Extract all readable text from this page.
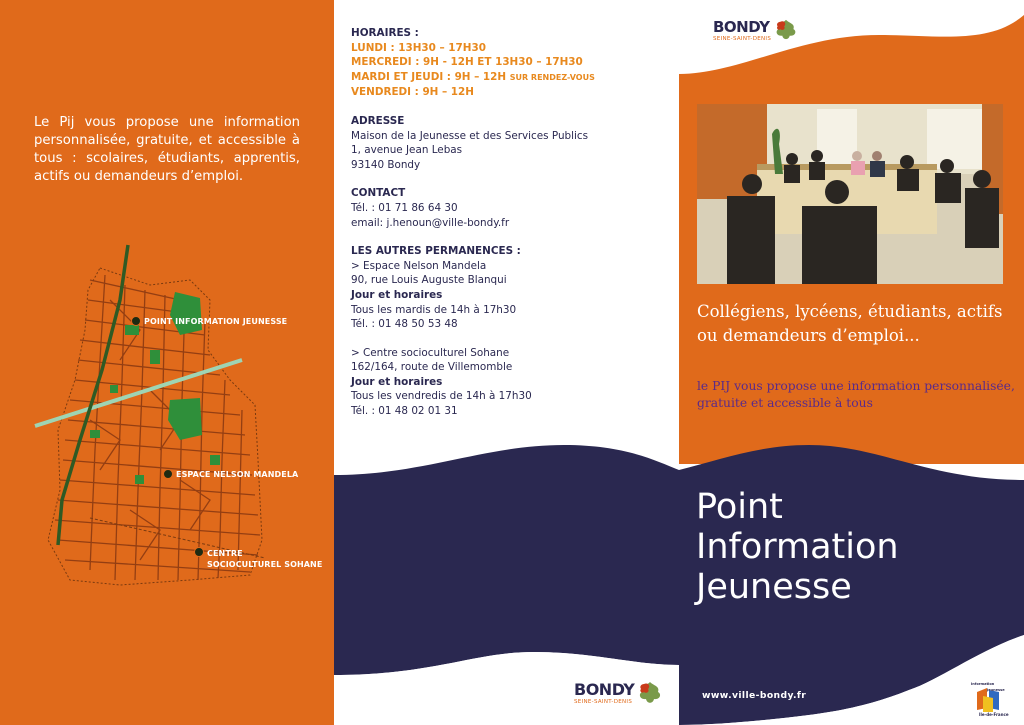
Le Pij vous propose une information personnalisée, gratuite, et accessible à tous : scolaires, étudiants, apprentis, actifs ou demandeurs d’emploi.

POINT INFORMATION JEUNESSE
ESPACE NELSON MANDELA
CENTRE
SOCIOCULTUREL SOHANE
HORAIRES :
LUNDI : 13H30 – 17H30
MERCREDI : 9H - 12H ET 13H30 – 17H30
MARDI ET JEUDI : 9H – 12H SUR RENDEZ-VOUS
VENDREDI : 9H – 12H
ADRESSE
Maison de la Jeunesse et des Services Publics
1, avenue Jean Lebas
93140 Bondy
CONTACT
Tél. : 01 71 86 64 30
email: j.henoun@ville-bondy.fr
LES AUTRES PERMANENCES :
> Espace Nelson Mandela
90, rue Louis Auguste Blanqui
Jour et horaires
Tous les mardis de 14h à 17h30
Tél. : 01 48 50 53 48
> Centre socioculturel Sohane
162/164, route de Villemomble
Jour et horaires
Tous les vendredis de 14h à 17h30
Tél. : 01 48 02 01 31
BONDY
SEINE-SAINT-DENIS
BONDY
SEINE-SAINT-DENIS

Collégiens, lycéens, étudiants, actifs ou demandeurs d’emploi...

le PIJ vous propose une information personnalisée, gratuite et accessible à tous

Point
Information
Jeunesse
www.ville-bondy.fr
Information
Jeunesse
Ile-de-France
